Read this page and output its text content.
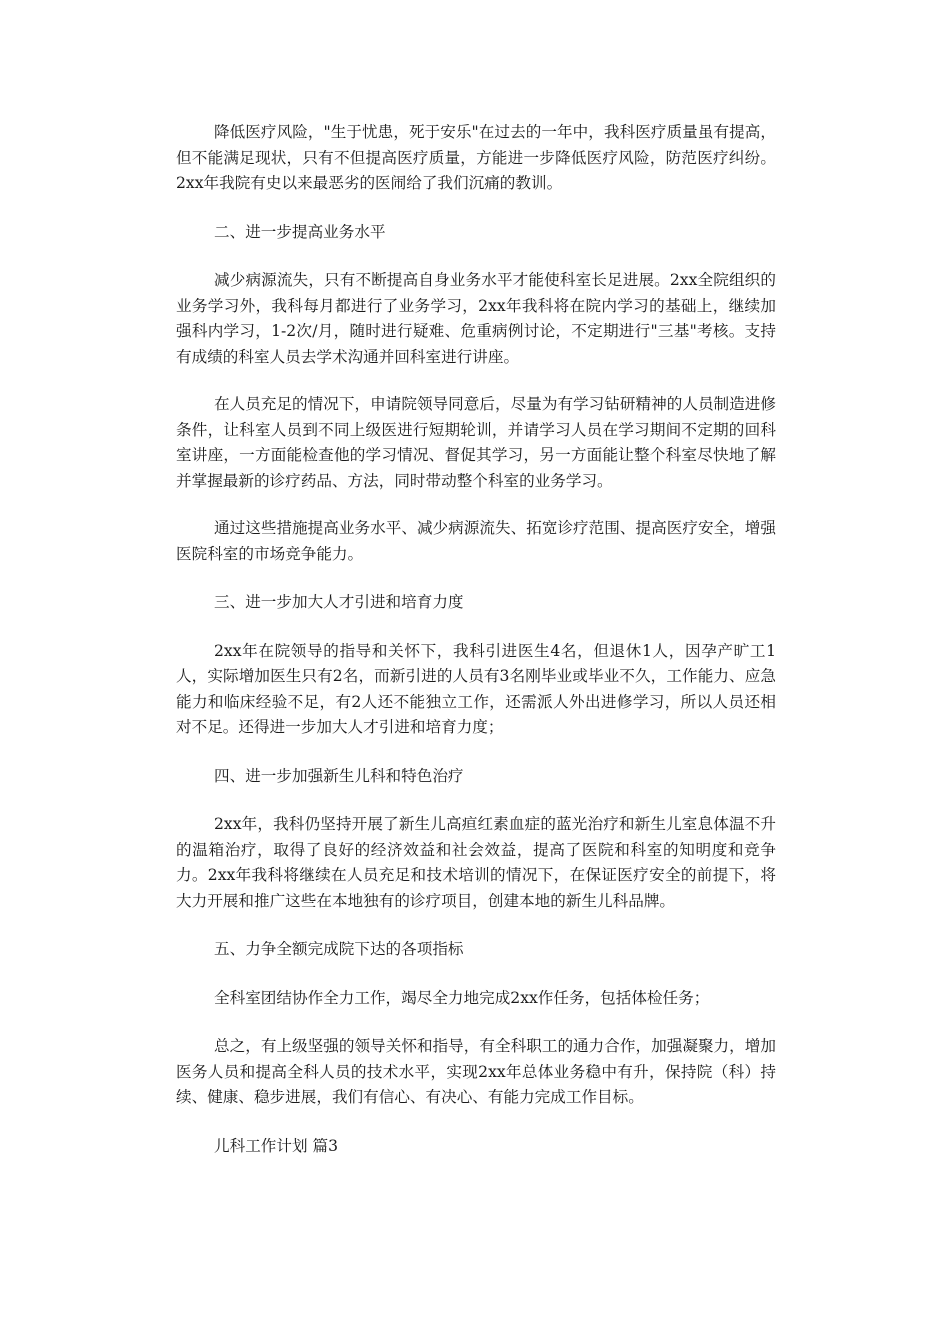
降低医疗风险，"生于忧患，死于安乐"在过去的一年中，我科医疗质量虽有提高，但不能满足现状，只有不但提高医疗质量，方能进一步降低医疗风险，防范医疗纠纷。2xx年我院有史以来最恶劣的医闹给了我们沉痛的教训。

二、进一步提高业务水平

减少病源流失，只有不断提高自身业务水平才能使科室长足进展。2xx全院组织的业务学习外，我科每月都进行了业务学习，2xx年我科将在院内学习的基础上，继续加强科内学习，1-2次/月，随时进行疑难、危重病例讨论，不定期进行"三基"考核。支持有成绩的科室人员去学术沟通并回科室进行讲座。

在人员充足的情况下，申请院领导同意后，尽量为有学习钻研精神的人员制造进修条件，让科室人员到不同上级医进行短期轮训，并请学习人员在学习期间不定期的回科室讲座，一方面能检查他的学习情况、督促其学习，另一方面能让整个科室尽快地了解并掌握最新的诊疗药品、方法，同时带动整个科室的业务学习。

通过这些措施提高业务水平、减少病源流失、拓宽诊疗范围、提高医疗安全，增强医院科室的市场竞争能力。

三、进一步加大人才引进和培育力度

2xx年在院领导的指导和关怀下，我科引进医生4名，但退休1人，因孕产旷工1人，实际增加医生只有2名，而新引进的人员有3名刚毕业或毕业不久，工作能力、应急能力和临床经验不足，有2人还不能独立工作，还需派人外出进修学习，所以人员还相对不足。还得进一步加大人才引进和培育力度；

四、进一步加强新生儿科和特色治疗

2xx年，我科仍坚持开展了新生儿高疸红素血症的蓝光治疗和新生儿室息体温不升的温箱治疗，取得了良好的经济效益和社会效益，提高了医院和科室的知明度和竞争力。2xx年我科将继续在人员充足和技术培训的情况下，在保证医疗安全的前提下，将大力开展和推广这些在本地独有的诊疗项目，创建本地的新生儿科品牌。

五、力争全额完成院下达的各项指标

全科室团结协作全力工作，竭尽全力地完成2xx作任务，包括体检任务；

总之，有上级坚强的领导关怀和指导，有全科职工的通力合作，加强凝聚力，增加医务人员和提高全科人员的技术水平，实现2xx年总体业务稳中有升，保持院（科）持续、健康、稳步进展，我们有信心、有决心、有能力完成工作目标。

儿科工作计划 篇3
